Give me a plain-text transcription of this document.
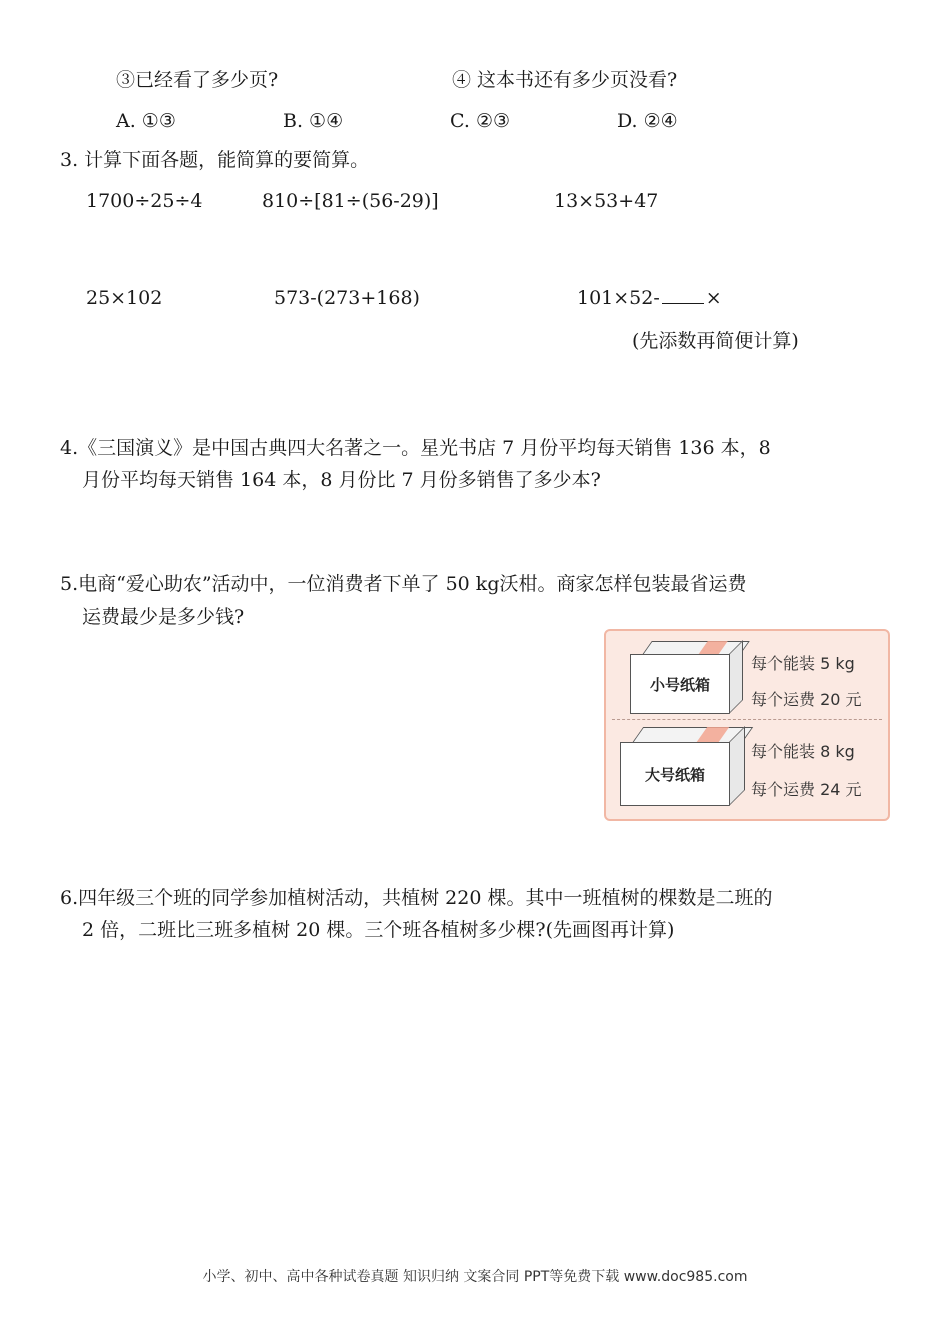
③已经看了多少页?	④ 这本书还有多少页没看?
A. ①③	B. ①④	C. ②③	D. ②④
3. 计算下面各题，能简算的要简算。
1700÷25÷4	810÷[81÷(56-29)]	13×53+47
25×102	573-(273+168)	101×52- ×
(先添数再简便计算)
4.《三国演义》是中国古典四大名著之一。星光书店 7 月份平均每天销售 136 本，8
月份平均每天销售 164 本，8 月份比 7 月份多销售了多少本?
5.电商“爱心助农”活动中，一位消费者下单了 50 kg沃柑。商家怎样包装最省运费
运费最少是多少钱?
小号纸箱
每个能装 5 kg
每个运费 20 元
大号纸箱
每个能装 8 kg
每个运费 24 元
6.四年级三个班的同学参加植树活动，共植树 220 棵。其中一班植树的棵数是二班的
2 倍，二班比三班多植树 20 棵。三个班各植树多少棵?(先画图再计算)
小学、初中、高中各种试卷真题 知识归纳 文案合同 PPT等免费下载 www.doc985.com
